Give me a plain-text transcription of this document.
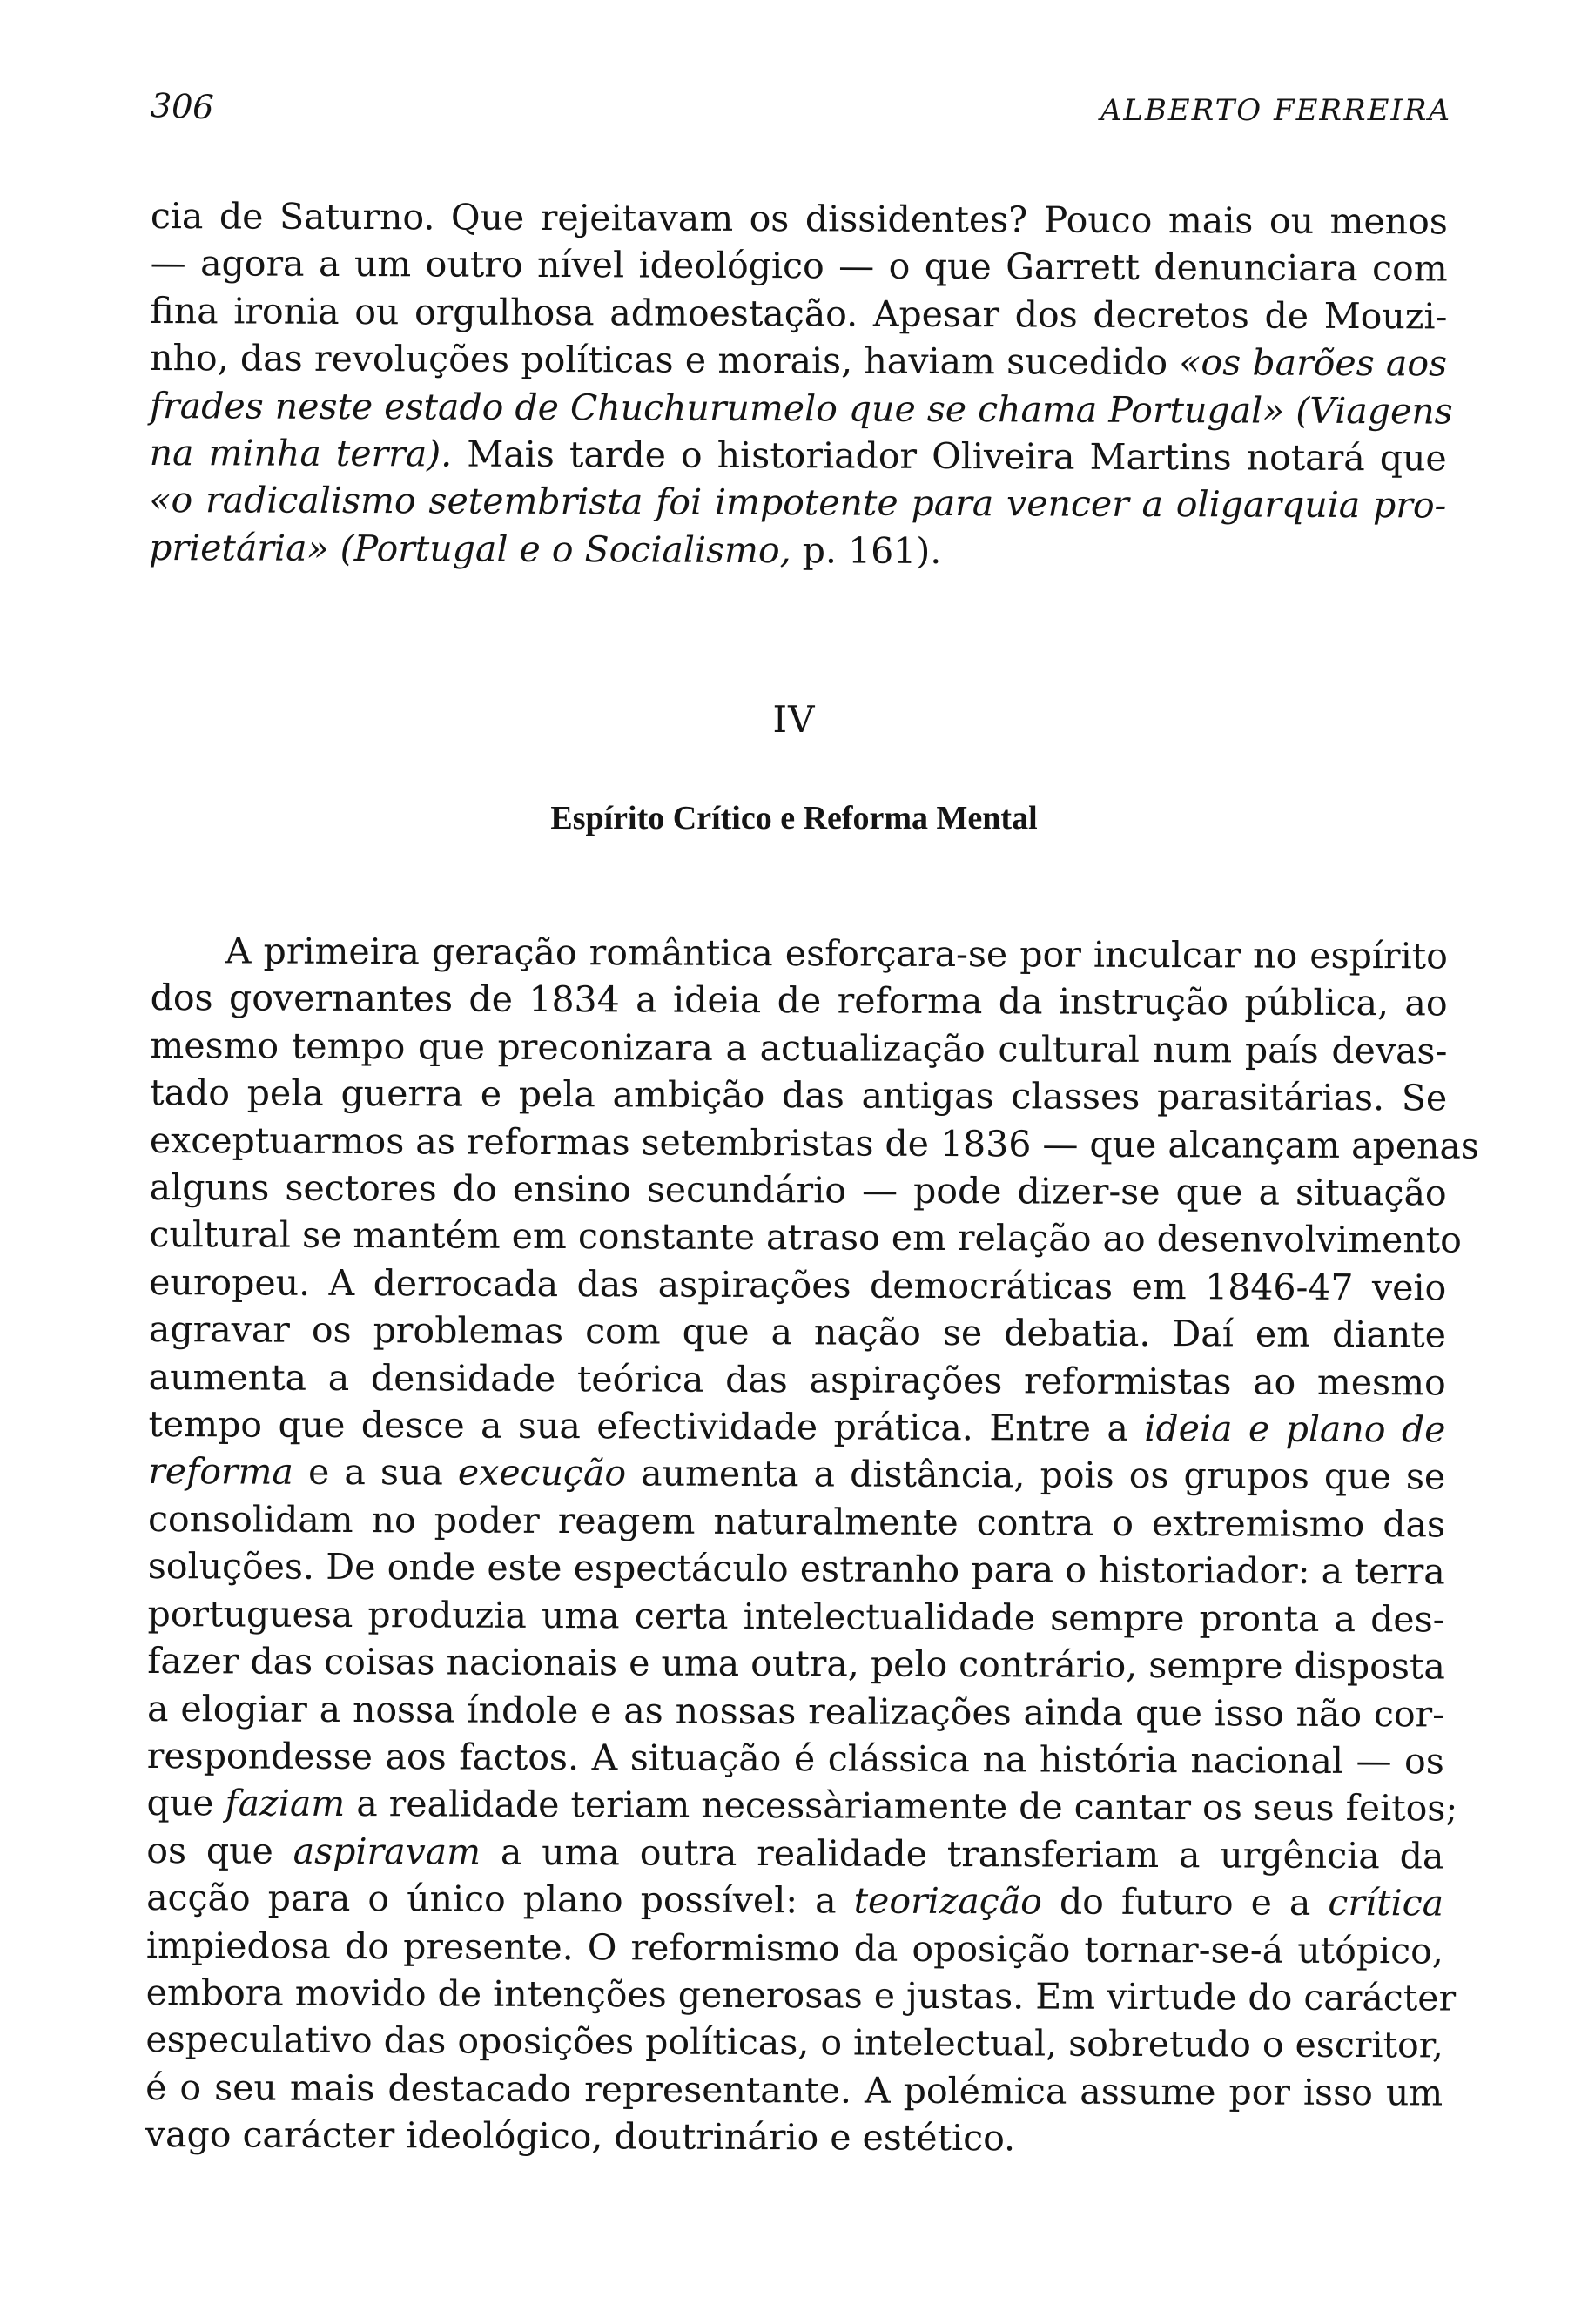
306	ALBERTO FERREIRA
cia de Saturno. Que rejeitavam os dissidentes? Pouco mais ou menos
— agora a um outro nível ideológico — o que Garrett denunciara com
fina ironia ou orgulhosa admoestação. Apesar dos decretos de Mouzi-
nho, das revoluções políticas e morais, haviam sucedido «os barões aos
frades neste estado de Chuchurumelo que se chama Portugal» (Viagens
na minha terra). Mais tarde o historiador Oliveira Martins notará que
«o radicalismo setembrista foi impotente para vencer a oligarquia pro-
prietária» (Portugal e o Socialismo, p. 161).
IV
Espírito Crítico e Reforma Mental
A primeira geração romântica esforçara-se por inculcar no espírito
dos governantes de 1834 a ideia de reforma da instrução pública, ao
mesmo tempo que preconizara a actualização cultural num país devas-
tado pela guerra e pela ambição das antigas classes parasitárias. Se
exceptuarmos as reformas setembristas de 1836 — que alcançam apenas
alguns sectores do ensino secundário — pode dizer-se que a situação
cultural se mantém em constante atraso em relação ao desenvolvimento
europeu. A derrocada das aspirações democráticas em 1846-47 veio
agravar os problemas com que a nação se debatia. Daí em diante
aumenta a densidade teórica das aspirações reformistas ao mesmo
tempo que desce a sua efectividade prática. Entre a ideia e plano de
reforma e a sua execução aumenta a distância, pois os grupos que se
consolidam no poder reagem naturalmente contra o extremismo das
soluções. De onde este espectáculo estranho para o historiador: a terra
portuguesa produzia uma certa intelectualidade sempre pronta a des-
fazer das coisas nacionais e uma outra, pelo contrário, sempre disposta
a elogiar a nossa índole e as nossas realizações ainda que isso não cor-
respondesse aos factos. A situação é clássica na história nacional — os
que faziam a realidade teriam necessàriamente de cantar os seus feitos;
os que aspiravam a uma outra realidade transferiam a urgência da
acção para o único plano possível: a teorização do futuro e a crítica
impiedosa do presente. O reformismo da oposição tornar-se-á utópico,
embora movido de intenções generosas e justas. Em virtude do carácter
especulativo das oposições políticas, o intelectual, sobretudo o escritor,
é o seu mais destacado representante. A polémica assume por isso um
vago carácter ideológico, doutrinário e estético.
